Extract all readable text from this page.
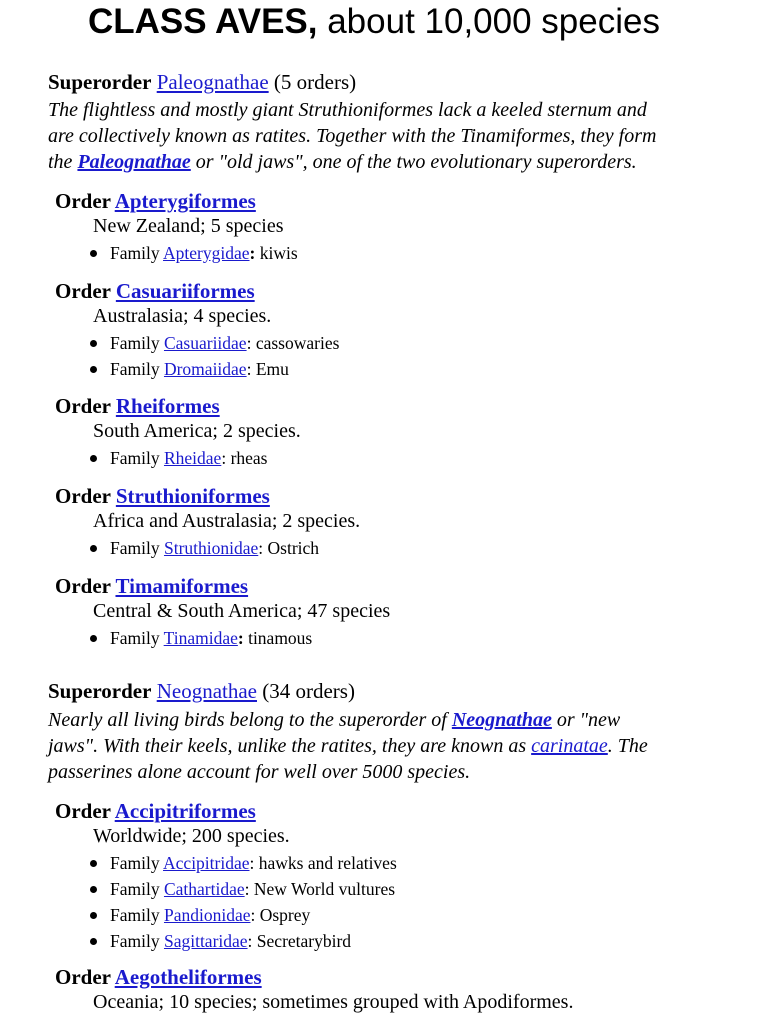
CLASS AVES, about 10,000 species
Superorder Paleognathae (5 orders)

The flightless and mostly giant Struthioniformes lack a keeled sternum and

are collectively known as ratites. Together with the Tinamiformes, they form

the Paleognathae or "old jaws", one of the two evolutionary superorders.

Order Apterygiformes
New Zealand; 5 species
Family Apterygidae: kiwis
Order Casuariiformes
Australasia; 4 species.
Family Casuariidae: cassowaries
Family Dromaiidae: Emu
Order Rheiformes
South America; 2 species.
Family Rheidae: rheas
Order Struthioniformes
Africa and Australasia; 2 species.
Family Struthionidae: Ostrich
Order Timamiformes
Central & South America; 47 species
Family Tinamidae: tinamous
Superorder Neognathae (34 orders)

Nearly all living birds belong to the superorder of Neognathae or "new

jaws". With their keels, unlike the ratites, they are known as carinatae. The

passerines alone account for well over 5000 species.

Order Accipitriformes
Worldwide; 200 species.
Family Accipitridae: hawks and relatives
Family Cathartidae: New World vultures
Family Pandionidae: Osprey
Family Sagittaridae: Secretarybird
Order Aegotheliformes
Oceania; 10 species; sometimes grouped with Apodiformes.
